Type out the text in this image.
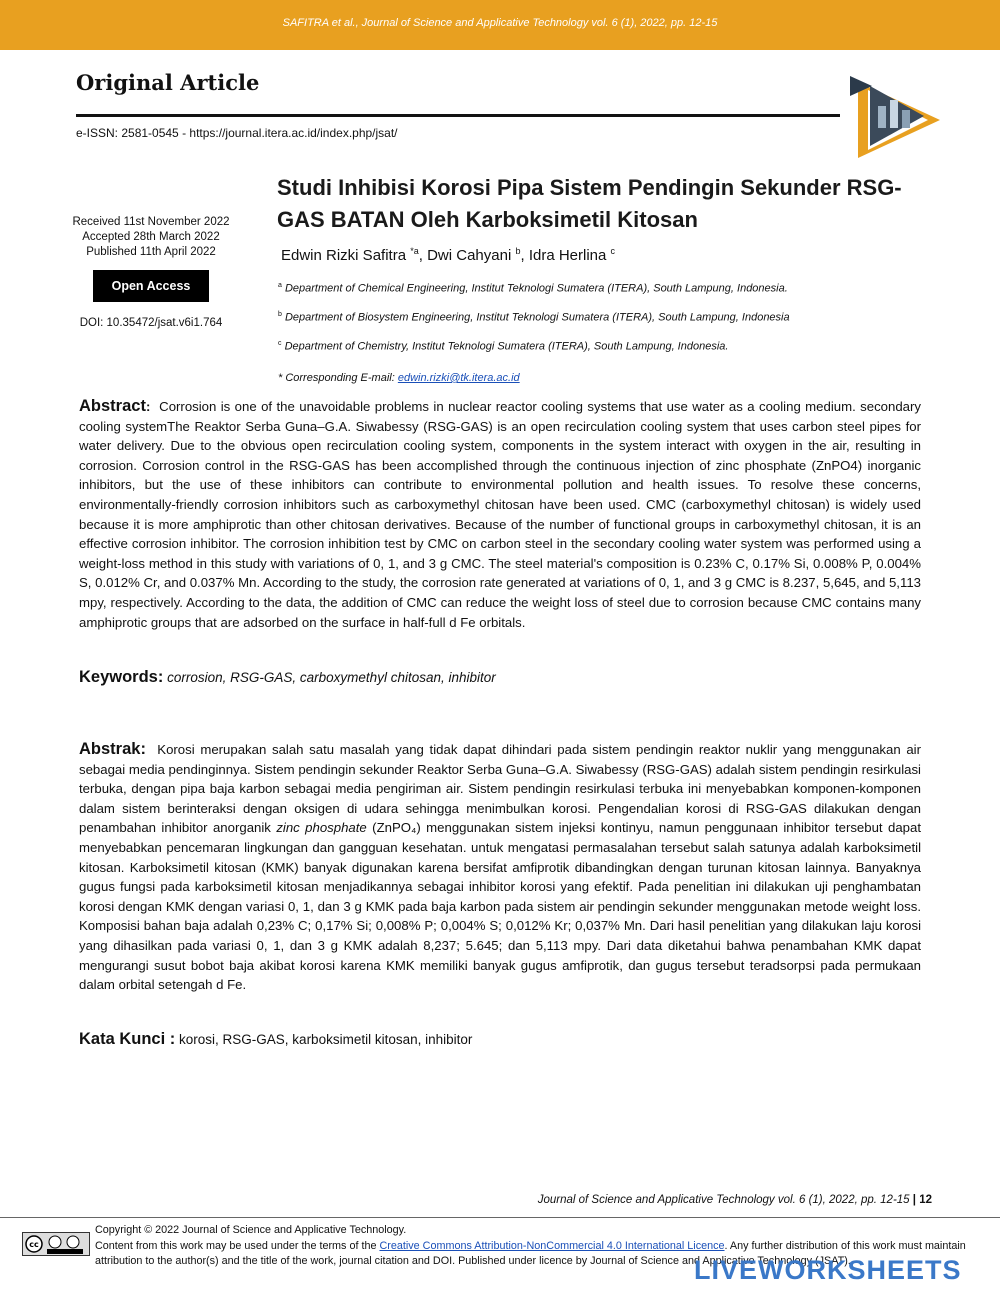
SAFITRA et al., Journal of Science and Applicative Technology vol. 6 (1), 2022, pp. 12-15
Original Article
e-ISSN: 2581-0545 - https://journal.itera.ac.id/index.php/jsat/
Received 11st November 2022
Accepted 28th March 2022
Published 11th April 2022
Open Access
DOI: 10.35472/jsat.v6i1.764
Studi Inhibisi Korosi Pipa Sistem Pendingin Sekunder RSG-GAS BATAN Oleh Karboksimetil Kitosan
Edwin Rizki Safitra $^{*a}$, Dwi Cahyani $^b$, Idra Herlina $^c$
$^a$ Department of Chemical Engineering, Institut Teknologi Sumatera (ITERA), South Lampung, Indonesia.
$^b$ Department of Biosystem Engineering, Institut Teknologi Sumatera (ITERA), South Lampung, Indonesia
$^c$ Department of Chemistry, Institut Teknologi Sumatera (ITERA), South Lampung, Indonesia.
* Corresponding E-mail: edwin.rizki@tk.itera.ac.id
Abstract: Corrosion is one of the unavoidable problems in nuclear reactor cooling systems that use water as a cooling medium. secondary cooling systemThe Reaktor Serba Guna–G.A. Siwabessy (RSG-GAS) is an open recirculation cooling system that uses carbon steel pipes for water delivery. Due to the obvious open recirculation cooling system, components in the system interact with oxygen in the air, resulting in corrosion. Corrosion control in the RSG-GAS has been accomplished through the continuous injection of zinc phosphate (ZnPO4) inorganic inhibitors, but the use of these inhibitors can contribute to environmental pollution and health issues. To resolve these concerns, environmentally-friendly corrosion inhibitors such as carboxymethyl chitosan have been used. CMC (carboxymethyl chitosan) is widely used because it is more amphiprotic than other chitosan derivatives. Because of the number of functional groups in carboxymethyl chitosan, it is an effective corrosion inhibitor. The corrosion inhibition test by CMC on carbon steel in the secondary cooling water system was performed using a weight-loss method in this study with variations of 0, 1, and 3 g CMC. The steel material's composition is 0.23% C, 0.17% Si, 0.008% P, 0.004% S, 0.012% Cr, and 0.037% Mn. According to the study, the corrosion rate generated at variations of 0, 1, and 3 g CMC is 8.237, 5,645, and 5,113 mpy, respectively. According to the data, the addition of CMC can reduce the weight loss of steel due to corrosion because CMC contains many amphiprotic groups that are adsorbed on the surface in half-full d Fe orbitals.
Keywords: corrosion, RSG-GAS, carboxymethyl chitosan, inhibitor
Abstrak: Korosi merupakan salah satu masalah yang tidak dapat dihindari pada sistem pendingin reaktor nuklir yang menggunakan air sebagai media pendinginnya. Sistem pendingin sekunder Reaktor Serba Guna–G.A. Siwabessy (RSG-GAS) adalah sistem pendingin resirkulasi terbuka, dengan pipa baja karbon sebagai media pengiriman air. Sistem pendingin resirkulasi terbuka ini menyebabkan komponen-komponen dalam sistem berinteraksi dengan oksigen di udara sehingga menimbulkan korosi. Pengendalian korosi di RSG-GAS dilakukan dengan penambahan inhibitor anorganik zinc phosphate (ZnPO₄) menggunakan sistem injeksi kontinyu, namun penggunaan inhibitor tersebut dapat menyebabkan pencemaran lingkungan dan gangguan kesehatan. untuk mengatasi permasalahan tersebut salah satunya adalah karboksimetil kitosan. Karboksimetil kitosan (KMK) banyak digunakan karena bersifat amfiprotik dibandingkan dengan turunan kitosan lainnya. Banyaknya gugus fungsi pada karboksimetil kitosan menjadikannya sebagai inhibitor korosi yang efektif. Pada penelitian ini dilakukan uji penghambatan korosi dengan KMK dengan variasi 0, 1, dan 3 g KMK pada baja karbon pada sistem air pendingin sekunder menggunakan metode weight loss. Komposisi bahan baja adalah 0,23% C; 0,17% Si; 0,008% P; 0,004% S; 0,012% Kr; 0,037% Mn. Dari hasil penelitian yang dilakukan laju korosi yang dihasilkan pada variasi 0, 1, dan 3 g KMK adalah 8,237; 5.645; dan 5,113 mpy. Dari data diketahui bahwa penambahan KMK dapat mengurangi susut bobot baja akibat korosi karena KMK memiliki banyak gugus amfiprotik, dan gugus tersebut teradsorpsi pada permukaan dalam orbital setengah d Fe.
Kata Kunci : korosi, RSG-GAS, karboksimetil kitosan, inhibitor
Journal of Science and Applicative Technology vol. 6 (1), 2022, pp. 12-15 | 12
cc
Copyright © 2022 Journal of Science and Applicative Technology.
Content from this work may be used under the terms of the Creative Commons Attribution-NonCommercial 4.0 International Licence. Any further distribution of this work must maintain attribution to the author(s) and the title of the work, journal citation and DOI. Published under licence by Journal of Science and Applicative Technology (JSAT).
LIVEWORKSHEETS
